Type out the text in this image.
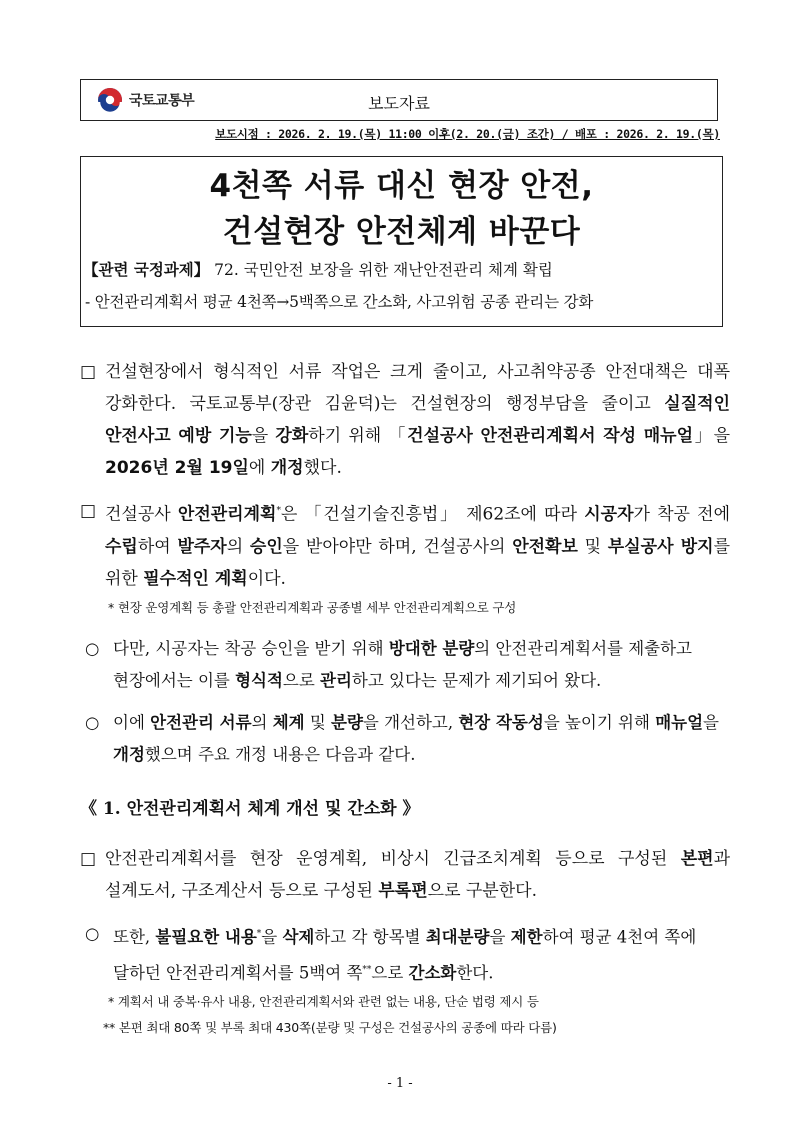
국토교통부	보도자료
보도시점 : 2026. 2. 19.(목) 11:00 이후(2. 20.(금) 조간) / 배포 : 2026. 2. 19.(목)
4천쪽 서류 대신 현장 안전,
건설현장 안전체계 바꾼다
【관련 국정과제】 72. 국민안전 보장을 위한 재난안전관리 체계 확립
- 안전관리계획서 평균 4천쪽→5백쪽으로 간소화, 사고위험 공종 관리는 강화
□ 건설현장에서 형식적인 서류 작업은 크게 줄이고, 사고취약공종 안전대책은 대폭 강화한다. 국토교통부(장관 김윤덕)는 건설현장의 행정부담을 줄이고 실질적인 안전사고 예방 기능을 강화하기 위해 「건설공사 안전관리계획서 작성 매뉴얼」을 2026년 2월 19일에 개정했다.
□ 건설공사 안전관리계획*은 「건설기술진흥법」 제62조에 따라 시공자가 착공 전에 수립하여 발주자의 승인을 받아야만 하며, 건설공사의 안전확보 및 부실공사 방지를 위한 필수적인 계획이다.
* 현장 운영계획 등 총괄 안전관리계획과 공종별 세부 안전관리계획으로 구성
○ 다만, 시공자는 착공 승인을 받기 위해 방대한 분량의 안전관리계획서를 제출하고 현장에서는 이를 형식적으로 관리하고 있다는 문제가 제기되어 왔다.
○ 이에 안전관리 서류의 체계 및 분량을 개선하고, 현장 작동성을 높이기 위해 매뉴얼을 개정했으며 주요 개정 내용은 다음과 같다.
《 1. 안전관리계획서 체계 개선 및 간소화 》
□ 안전관리계획서를 현장 운영계획, 비상시 긴급조치계획 등으로 구성된 본편과 설계도서, 구조계산서 등으로 구성된 부록편으로 구분한다.
○ 또한, 불필요한 내용*을 삭제하고 각 항목별 최대분량을 제한하여 평균 4천여 쪽에 달하던 안전관리계획서를 5백여 쪽**으로 간소화한다.
* 계획서 내 중복·유사 내용, 안전관리계획서와 관련 없는 내용, 단순 법령 제시 등
** 본편 최대 80쪽 및 부록 최대 430쪽(분량 및 구성은 건설공사의 공종에 따라 다름)
- 1 -
